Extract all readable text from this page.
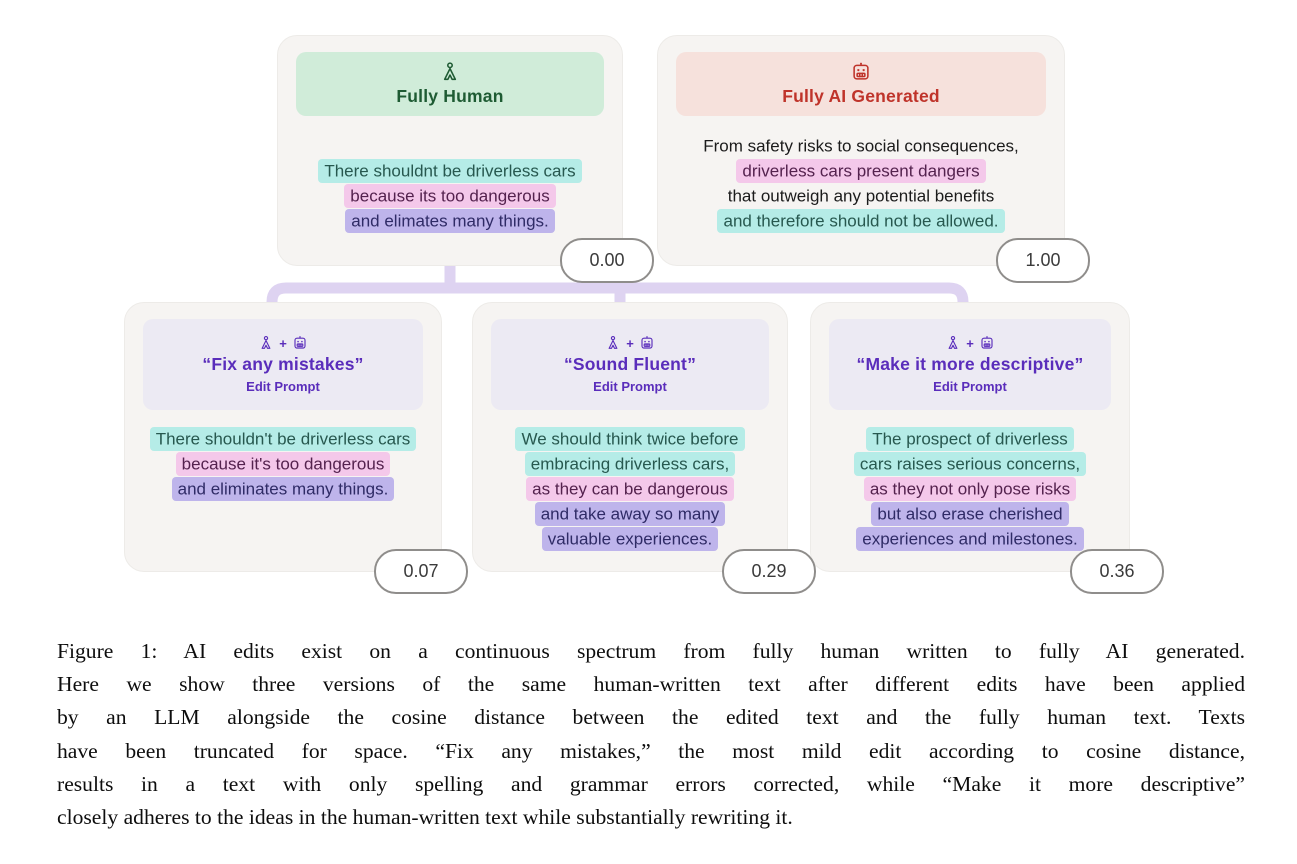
Fully Human
There shouldnt be driverless cars
because its too dangerous
and elimates many things.
Fully AI Generated
From safety risks to social consequences,
driverless cars present dangers
that outweigh any potential benefits
and therefore should not be allowed.
+
“Fix any mistakes”
Edit Prompt
There shouldn't be driverless cars
because it's too dangerous
and eliminates many things.
+
“Sound Fluent”
Edit Prompt
We should think twice before
embracing driverless cars,
as they can be dangerous
and take away so many
valuable experiences.
+
“Make it more descriptive”
Edit Prompt
The prospect of driverless
cars raises serious concerns,
as they not only pose risks
but also erase cherished
experiences and milestones.
0.00	1.00
0.07	0.29	0.36
Figure 1: AI edits exist on a continuous spectrum from fully human written to fully AI generated.
Here we show three versions of the same human-written text after different edits have been applied
by an LLM alongside the cosine distance between the edited text and the fully human text. Texts
have been truncated for space. “Fix any mistakes,” the most mild edit according to cosine distance,
results in a text with only spelling and grammar errors corrected, while “Make it more descriptive”
closely adheres to the ideas in the human-written text while substantially rewriting it.
